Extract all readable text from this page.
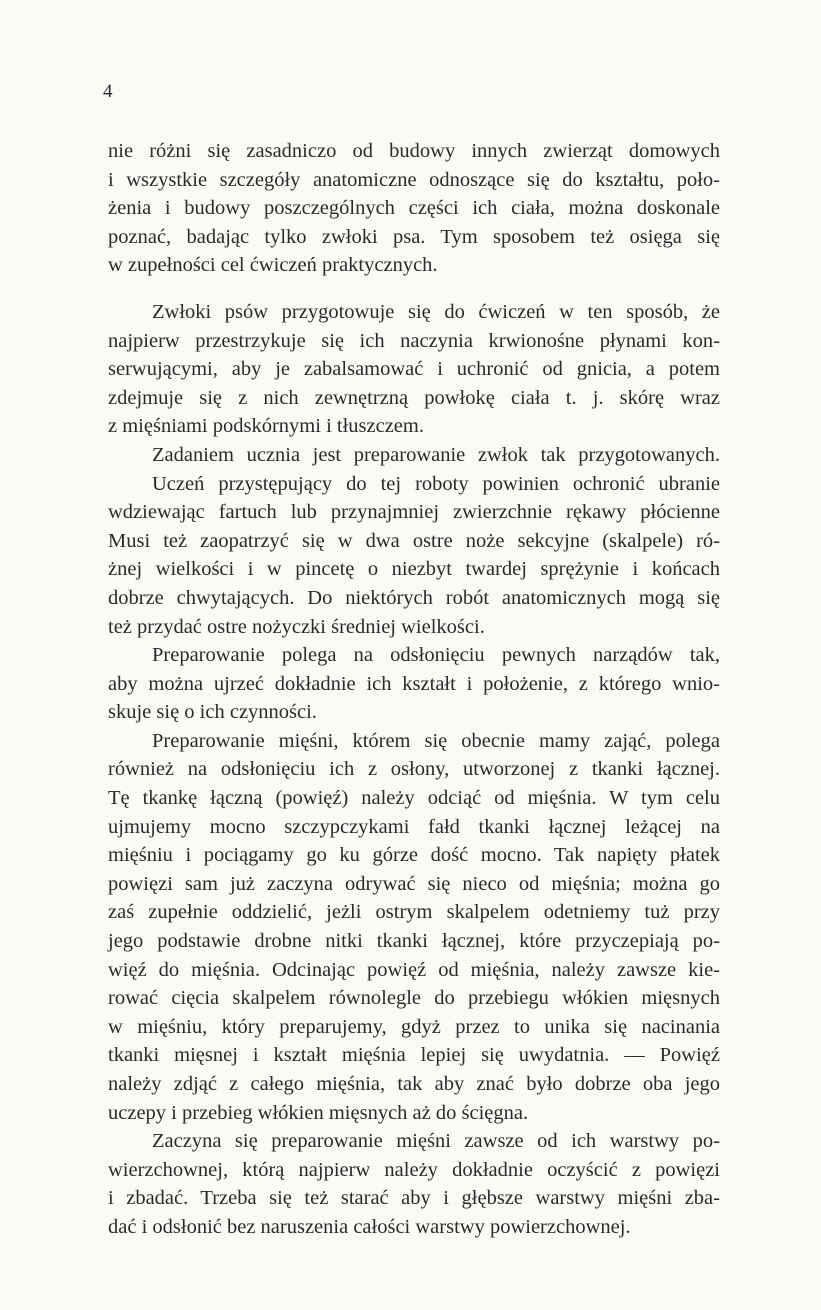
4
nie różni się zasadniczo od budowy innych zwierząt domowych
i wszystkie szczegóły anatomiczne odnoszące się do kształtu, poło-
żenia i budowy poszczególnych części ich ciała, można doskonale
poznać, badając tylko zwłoki psa. Tym sposobem też osięga się
w zupełności cel ćwiczeń praktycznych.
Zwłoki psów przygotowuje się do ćwiczeń w ten sposób, że
najpierw przestrzykuje się ich naczynia krwionośne płynami kon-
serwującymi, aby je zabalsamować i uchronić od gnicia, a potem
zdejmuje się z nich zewnętrzną powłokę ciała t. j. skórę wraz
z mięśniami podskórnymi i tłuszczem.
Zadaniem ucznia jest preparowanie zwłok tak przygotowanych.
Uczeń przystępujący do tej roboty powinien ochronić ubranie
wdziewając fartuch lub przynajmniej zwierzchnie rękawy płócienne
Musi też zaopatrzyć się w dwa ostre noże sekcyjne (skalpele) ró-
żnej wielkości i w pincetę o niezbyt twardej sprężynie i końcach
dobrze chwytających. Do niektórych robót anatomicznych mogą się
też przydać ostre nożyczki średniej wielkości.
Preparowanie polega na odsłonięciu pewnych narządów tak,
aby można ujrzeć dokładnie ich kształt i położenie, z którego wnio-
skuje się o ich czynności.
Preparowanie mięśni, którem się obecnie mamy zająć, polega
również na odsłonięciu ich z osłony, utworzonej z tkanki łącznej.
Tę tkankę łączną (powięź) należy odciąć od mięśnia. W tym celu
ujmujemy mocno szczypczykami fałd tkanki łącznej leżącej na
mięśniu i pociągamy go ku górze dość mocno. Tak napięty płatek
powięzi sam już zaczyna odrywać się nieco od mięśnia; można go
zaś zupełnie oddzielić, jeżli ostrym skalpelem odetniemy tuż przy
jego podstawie drobne nitki tkanki łącznej, które przyczepiają po-
więź do mięśnia. Odcinając powięź od mięśnia, należy zawsze kie-
rować cięcia skalpelem równolegle do przebiegu włókien mięsnych
w mięśniu, który preparujemy, gdyż przez to unika się nacinania
tkanki mięsnej i kształt mięśnia lepiej się uwydatnia. — Powięź
należy zdjąć z całego mięśnia, tak aby znać było dobrze oba jego
uczepy i przebieg włókien mięsnych aż do ścięgna.
Zaczyna się preparowanie mięśni zawsze od ich warstwy po-
wierzchownej, którą najpierw należy dokładnie oczyścić z powięzi
i zbadać. Trzeba się też starać aby i głębsze warstwy mięśni zba-
dać i odsłonić bez naruszenia całości warstwy powierzchownej.
